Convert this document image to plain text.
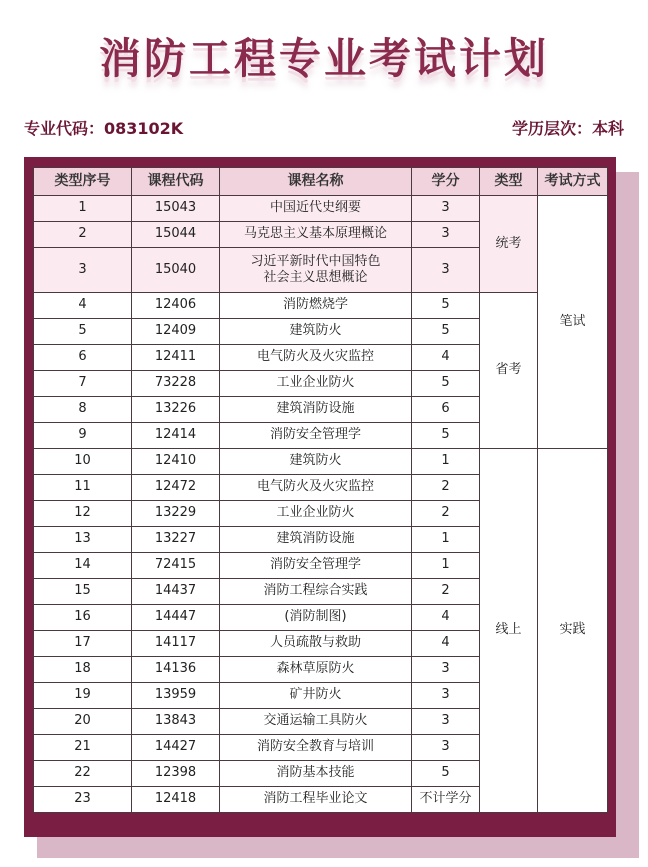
消防工程专业考试计划
专业代码：083102K	学历层次：本科
类型序号	课程代码	课程名称	学分	类型	考试方式
1	15043	中国近代史纲要	3	统考	笔试
2	15044	马克思主义基本原理概论	3		
3	15040	习近平新时代中国特色
社会主义思想概论	3		
4	12406	消防燃烧学	5	省考	
5	12409	建筑防火	5		
6	12411	电气防火及火灾监控	4		
7	73228	工业企业防火	5		
8	13226	建筑消防设施	6		
9	12414	消防安全管理学	5		
10	12410	建筑防火	1	线上	实践
11	12472	电气防火及火灾监控	2		
12	13229	工业企业防火	2		
13	13227	建筑消防设施	1		
14	72415	消防安全管理学	1		
15	14437	消防工程综合实践	2		
16	14447	(消防制图)	4		
17	14117	人员疏散与救助	4		
18	14136	森林草原防火	3		
19	13959	矿井防火	3		
20	13843	交通运输工具防火	3		
21	14427	消防安全教育与培训	3		
22	12398	消防基本技能	5		
23	12418	消防工程毕业论文	不计学分		
